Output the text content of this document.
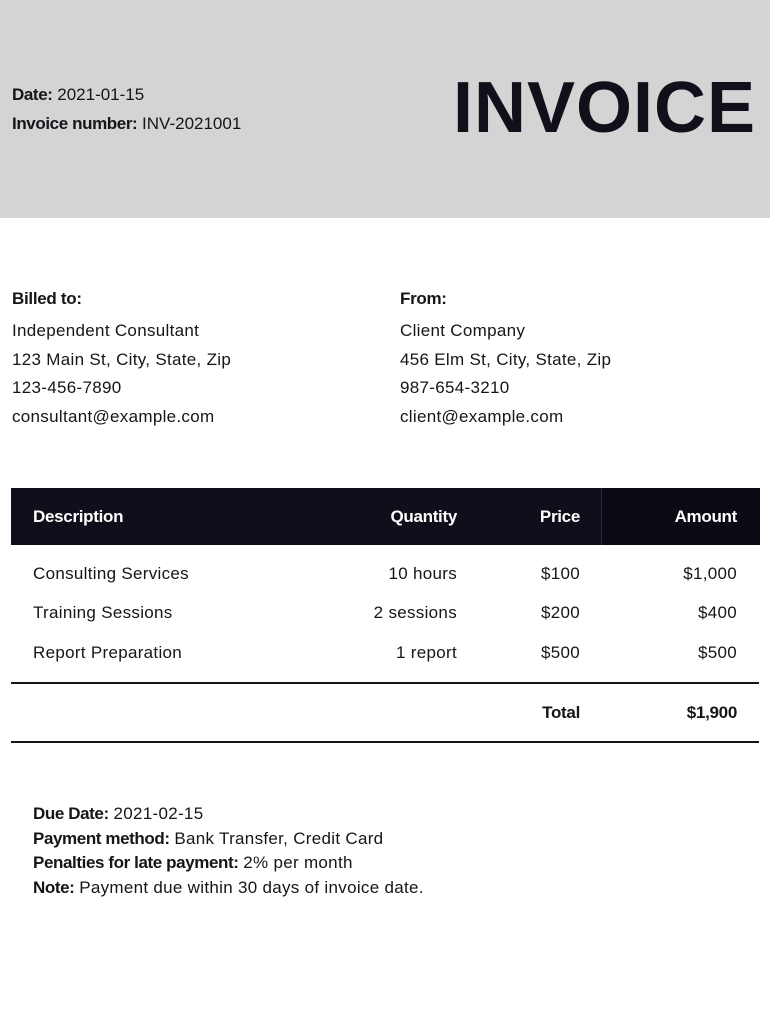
Date: 2021-01-15
Invoice number: INV-2021001	INVOICE
Billed to:
Independent Consultant
123 Main St, City, State, Zip
123-456-7890
consultant@example.com
From:
Client Company
456 Elm St, City, State, Zip
987-654-3210
client@example.com
Description	Quantity	Price	Amount
Consulting Services	10 hours	$100	$1,000
Training Sessions	2 sessions	$200	$400
Report Preparation	1 report	$500	$500
Total	$1,900
Due Date: 2021-02-15
Payment method: Bank Transfer, Credit Card
Penalties for late payment: 2% per month
Note: Payment due within 30 days of invoice date.
